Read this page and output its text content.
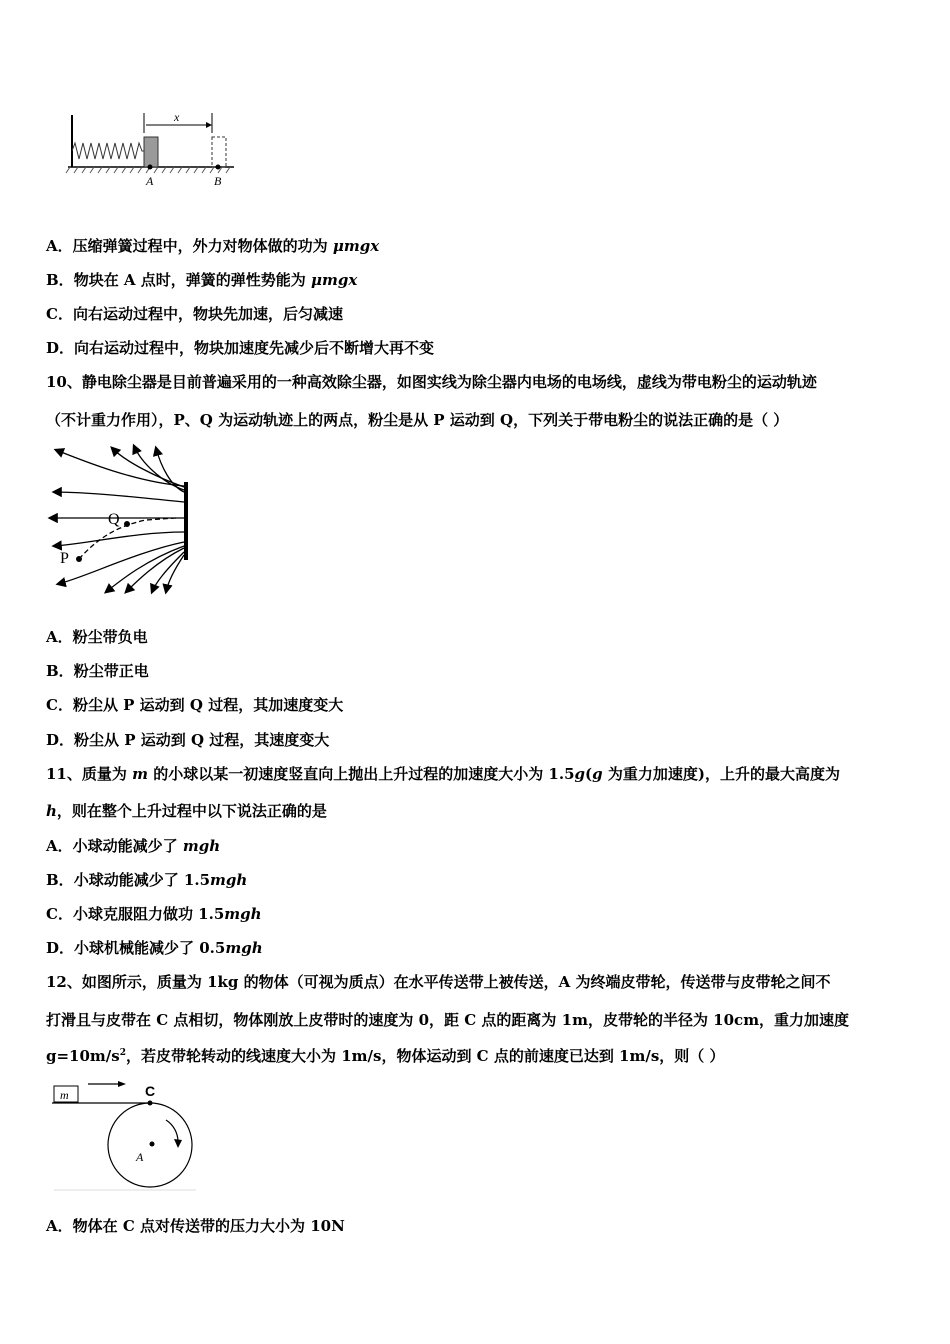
x
A	B
A．压缩弹簧过程中，外力对物体做的功为 μmgx
B．物块在 A 点时，弹簧的弹性势能为 μmgx
C．向右运动过程中，物块先加速，后匀减速
D．向右运动过程中，物块加速度先减少后不断增大再不变
10、静电除尘器是目前普遍采用的一种高效除尘器，如图实线为除尘器内电场的电场线，虚线为带电粉尘的运动轨迹
（不计重力作用），P、Q 为运动轨迹上的两点，粉尘是从 P 运动到 Q，下列关于带电粉尘的说法正确的是（ ）
P
Q
A．粉尘带负电
B．粉尘带正电
C．粉尘从 P 运动到 Q 过程，其加速度变大
D．粉尘从 P 运动到 Q 过程，其速度变大
11、质量为 m 的小球以某一初速度竖直向上抛出上升过程的加速度大小为 1.5g(g 为重力加速度)，上升的最大高度为
h，则在整个上升过程中以下说法正确的是
A．小球动能减少了 mgh
B．小球动能减少了 1.5mgh
C．小球克服阻力做功 1.5mgh
D．小球机械能减少了 0.5mgh
12、如图所示，质量为 1kg 的物体（可视为质点）在水平传送带上被传送，A 为终端皮带轮，传送带与皮带轮之间不
打滑且与皮带在 C 点相切，物体刚放上皮带时的速度为 0，距 C 点的距离为 1m，皮带轮的半径为 10cm，重力加速度
$g=10m/s^2$，若皮带轮转动的线速度大小为 1m/s，物体运动到 C 点的前速度已达到 1m/s，则（ ）
m	C
A
A．物体在 C 点对传送带的压力大小为 10N
